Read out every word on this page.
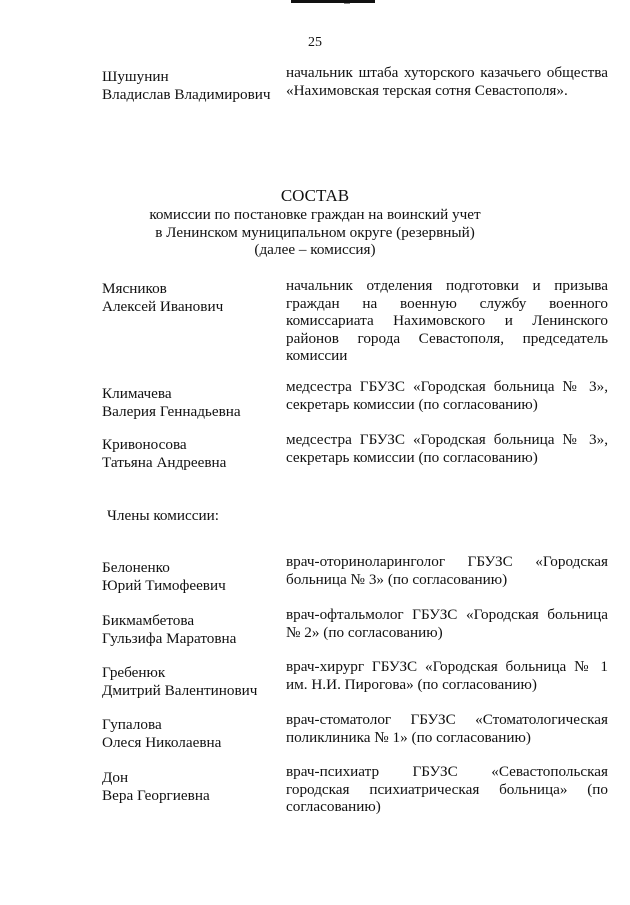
25
Шушунин
Владислав Владимирович
начальник штаба хуторского казачьего общества «Нахимовская терская сотня Севастополя».
СОСТАВ
комиссии по постановке граждан на воинский учет
в Ленинском муниципальном округе (резервный)
(далее – комиссия)
Мясников
Алексей Иванович
начальник отделения подготовки и призыва граждан на военную службу военного комиссариата Нахимовского и Ленинского районов города Севастополя, председатель комиссии
Климачева
Валерия Геннадьевна
медсестра ГБУЗС «Городская больница № 3», секретарь комиссии (по согласованию)
Кривоносова
Татьяна Андреевна
медсестра ГБУЗС «Городская больница № 3», секретарь комиссии (по согласованию)
Члены комиссии:
Белоненко
Юрий Тимофеевич
врач-оториноларинголог ГБУЗС «Городская больница № 3» (по согласованию)
Бикмамбетова
Гульзифа Маратовна
врач-офтальмолог ГБУЗС «Городская больница № 2» (по согласованию)
Гребенюк
Дмитрий Валентинович
врач-хирург ГБУЗС «Городская больница № 1 им. Н.И. Пирогова» (по согласованию)
Гупалова
Олеся Николаевна
врач-стоматолог ГБУЗС «Стоматологическая поликлиника № 1» (по согласованию)
Дон
Вера Георгиевна
врач-психиатр ГБУЗС «Севастопольская городская психиатрическая больница» (по согласованию)
